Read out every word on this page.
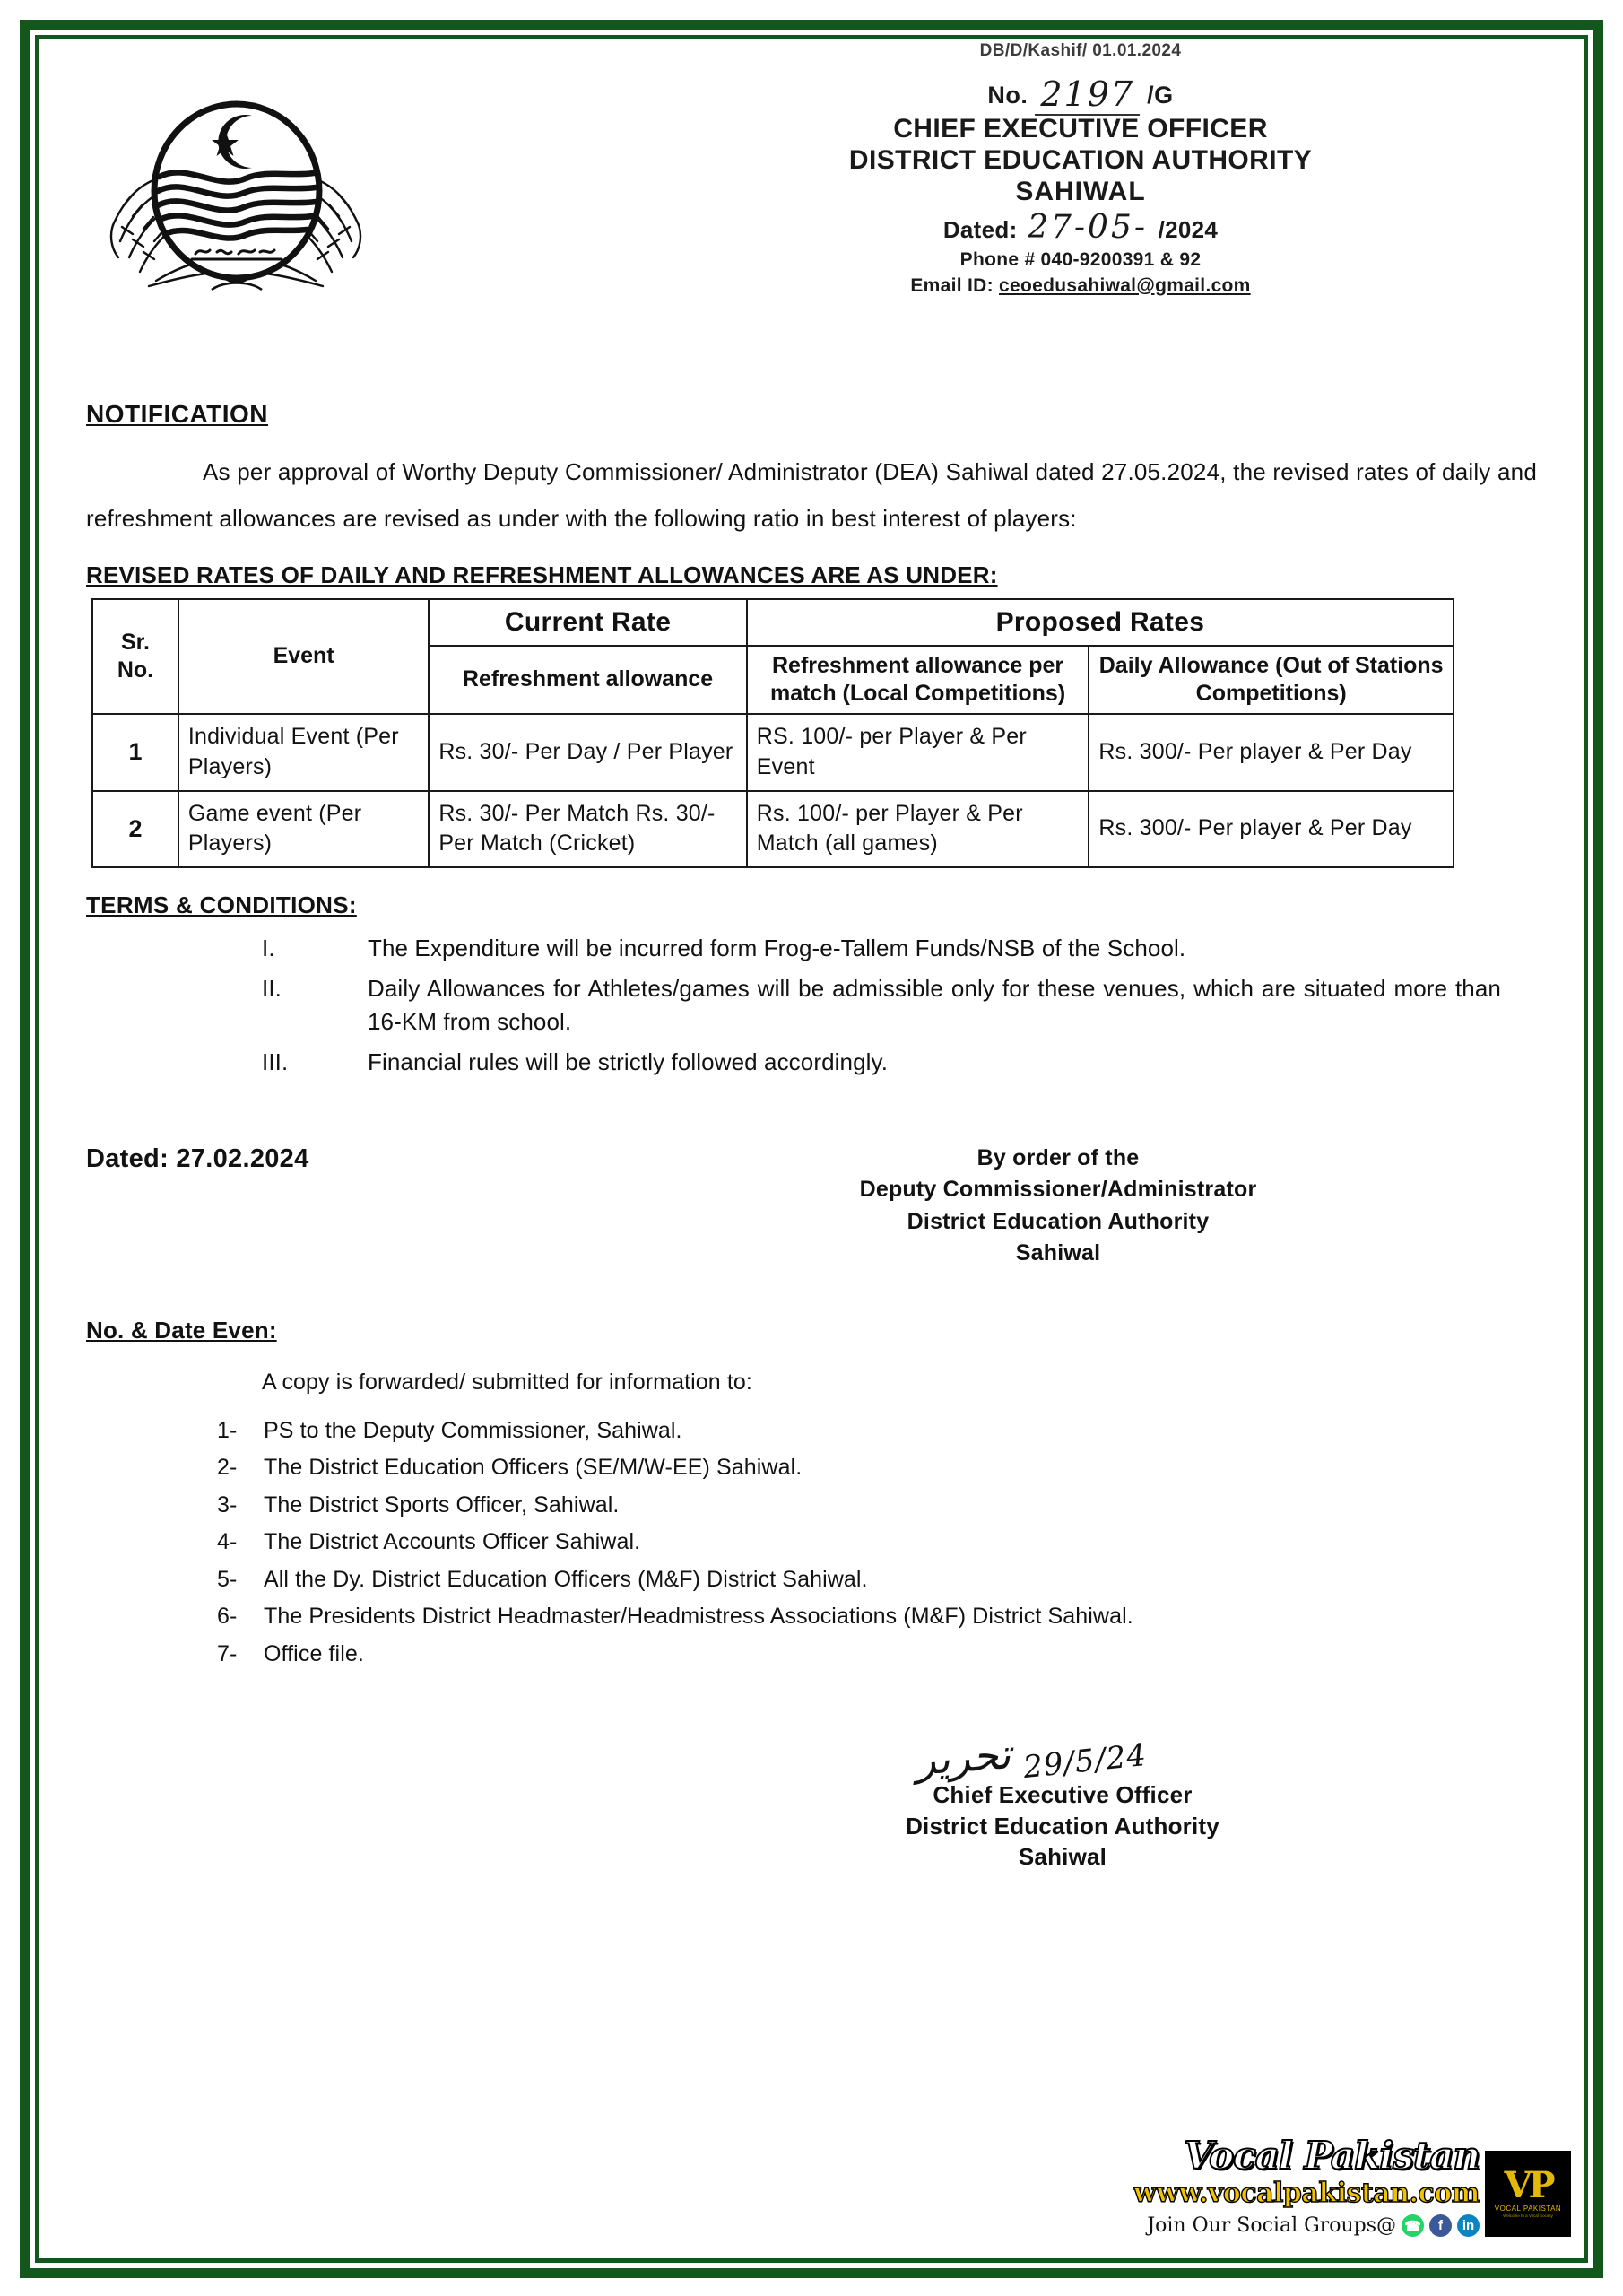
DB/D/Kashif/ 01.01.2024
No. 2197 /G
CHIEF EXECUTIVE OFFICER
DISTRICT EDUCATION AUTHORITY
SAHIWAL
Dated: 27-05- /2024
Phone # 040-9200391 & 92
Email ID: ceoedusahiwal@gmail.com
NOTIFICATION
As per approval of Worthy Deputy Commissioner/ Administrator (DEA) Sahiwal dated 27.05.2024, the revised rates of daily and refreshment allowances are revised as under with the following ratio in best interest of players:
REVISED RATES OF DAILY AND REFRESHMENT ALLOWANCES ARE AS UNDER:
Sr. No.	Event	Current Rate	Proposed Rates	
		Refreshment allowance	Refreshment allowance per match (Local Competitions)	Daily Allowance (Out of Stations Competitions)
1	Individual Event (Per Players)	Rs. 30/- Per Day / Per Player	RS. 100/- per Player & Per Event	Rs. 300/- Per player & Per Day
2	Game event (Per Players)	Rs. 30/- Per Match Rs. 30/- Per Match (Cricket)	Rs. 100/- per Player & Per Match (all games)	Rs. 300/- Per player & Per Day
TERMS & CONDITIONS:
I.	The Expenditure will be incurred form Frog-e-Tallem Funds/NSB of the School.
II.	Daily Allowances for Athletes/games will be admissible only for these venues, which are situated more than 16-KM from school.
III.	Financial rules will be strictly followed accordingly.
Dated: 27.02.2024	By order of the
Deputy Commissioner/Administrator
District Education Authority
Sahiwal
No. & Date Even:
A copy is forwarded/ submitted for information to:
1-	PS to the Deputy Commissioner, Sahiwal.
2-	The District Education Officers (SE/M/W-EE) Sahiwal.
3-	The District Sports Officer, Sahiwal.
4-	The District Accounts Officer Sahiwal.
5-	All the Dy. District Education Officers (M&F) District Sahiwal.
6-	The Presidents District Headmaster/Headmistress Associations (M&F) District Sahiwal.
7-	Office file.
تحریر 29/5/24
Chief Executive Officer
District Education Authority
Sahiwal
Vocal Pakistan
www.vocalpakistan.com
Join Our Social Groups@ ☎	f	in
VP
VOCAL PAKISTAN
Welcome to a Vocal Society
